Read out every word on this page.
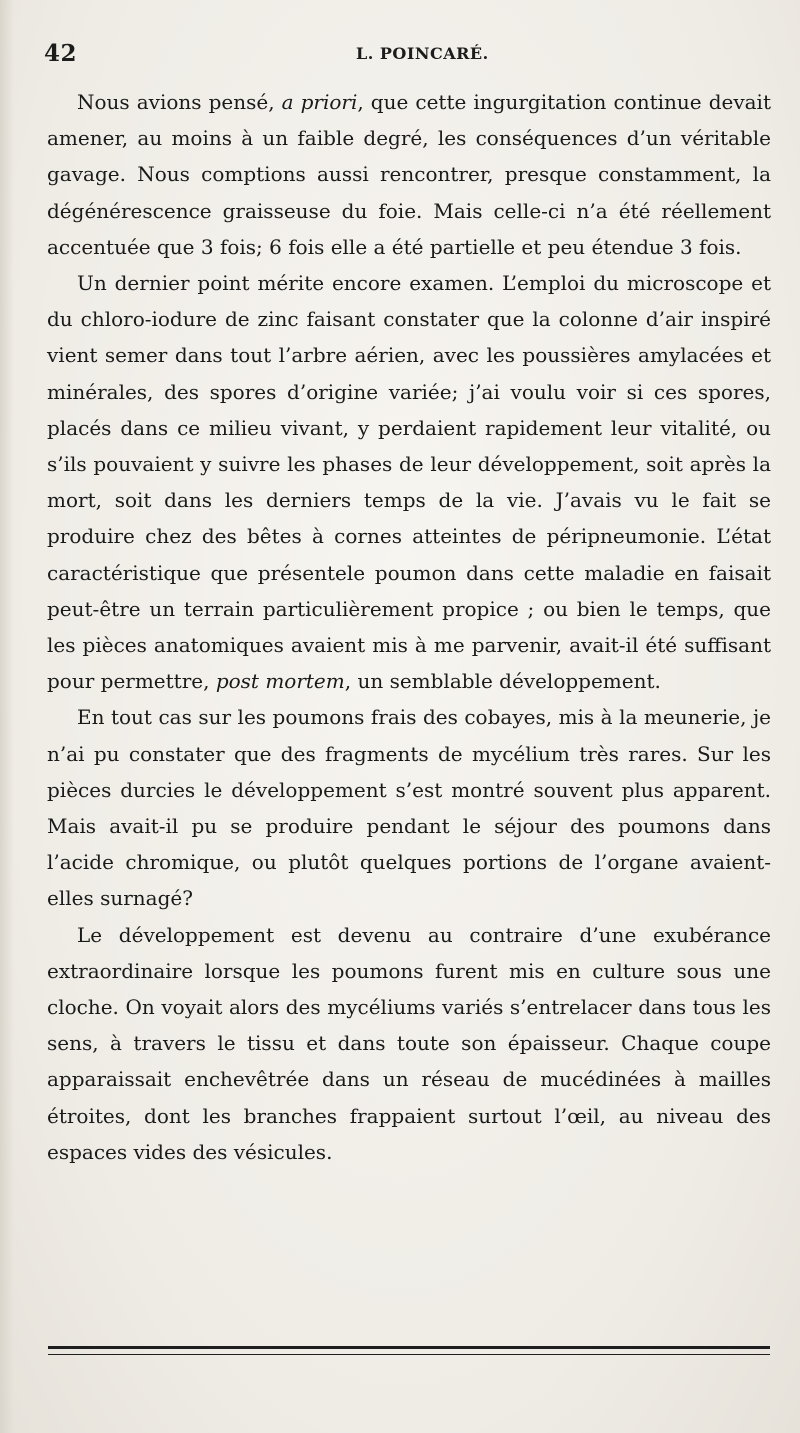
42	L. POINCARÉ.

Nous avions pensé, a priori, que cette ingurgitation continue devait amener, au moins à un faible degré, les conséquences d’un véritable gavage. Nous comptions aussi rencontrer, presque constamment, la dégénérescence graisseuse du foie. Mais celle-ci n’a été réellement accentuée que 3 fois; 6 fois elle a été partielle et peu étendue 3 fois.

Un dernier point mérite encore examen. L’emploi du microscope et du chloro-iodure de zinc faisant constater que la colonne d’air inspiré vient semer dans tout l’arbre aérien, avec les poussières amylacées et minérales, des spores d’origine variée; j’ai voulu voir si ces spores, placés dans ce milieu vivant, y perdaient rapidement leur vitalité, ou s’ils pouvaient y suivre les phases de leur développement, soit après la mort, soit dans les derniers temps de la vie. J’avais vu le fait se produire chez des bêtes à cornes atteintes de péripneumonie. L’état caractéristique que présentele poumon dans cette maladie en faisait peut-être un terrain particulièrement propice ; ou bien le temps, que les pièces anatomiques avaient mis à me parvenir, avait-il été suffisant pour permettre, post mortem, un semblable développement.

En tout cas sur les poumons frais des cobayes, mis à la meunerie, je n’ai pu constater que des fragments de mycélium très rares. Sur les pièces durcies le développement s’est montré souvent plus apparent. Mais avait-il pu se produire pendant le séjour des poumons dans l’acide chromique, ou plutôt quelques portions de l’organe avaient-elles surnagé?

Le développement est devenu au contraire d’une exubérance extraordinaire lorsque les poumons furent mis en culture sous une cloche. On voyait alors des mycéliums variés s’entrelacer dans tous les sens, à travers le tissu et dans toute son épaisseur. Chaque coupe apparaissait enchevêtrée dans un réseau de mucédinées à mailles étroites, dont les branches frappaient surtout l’œil, au niveau des espaces vides des vésicules.
